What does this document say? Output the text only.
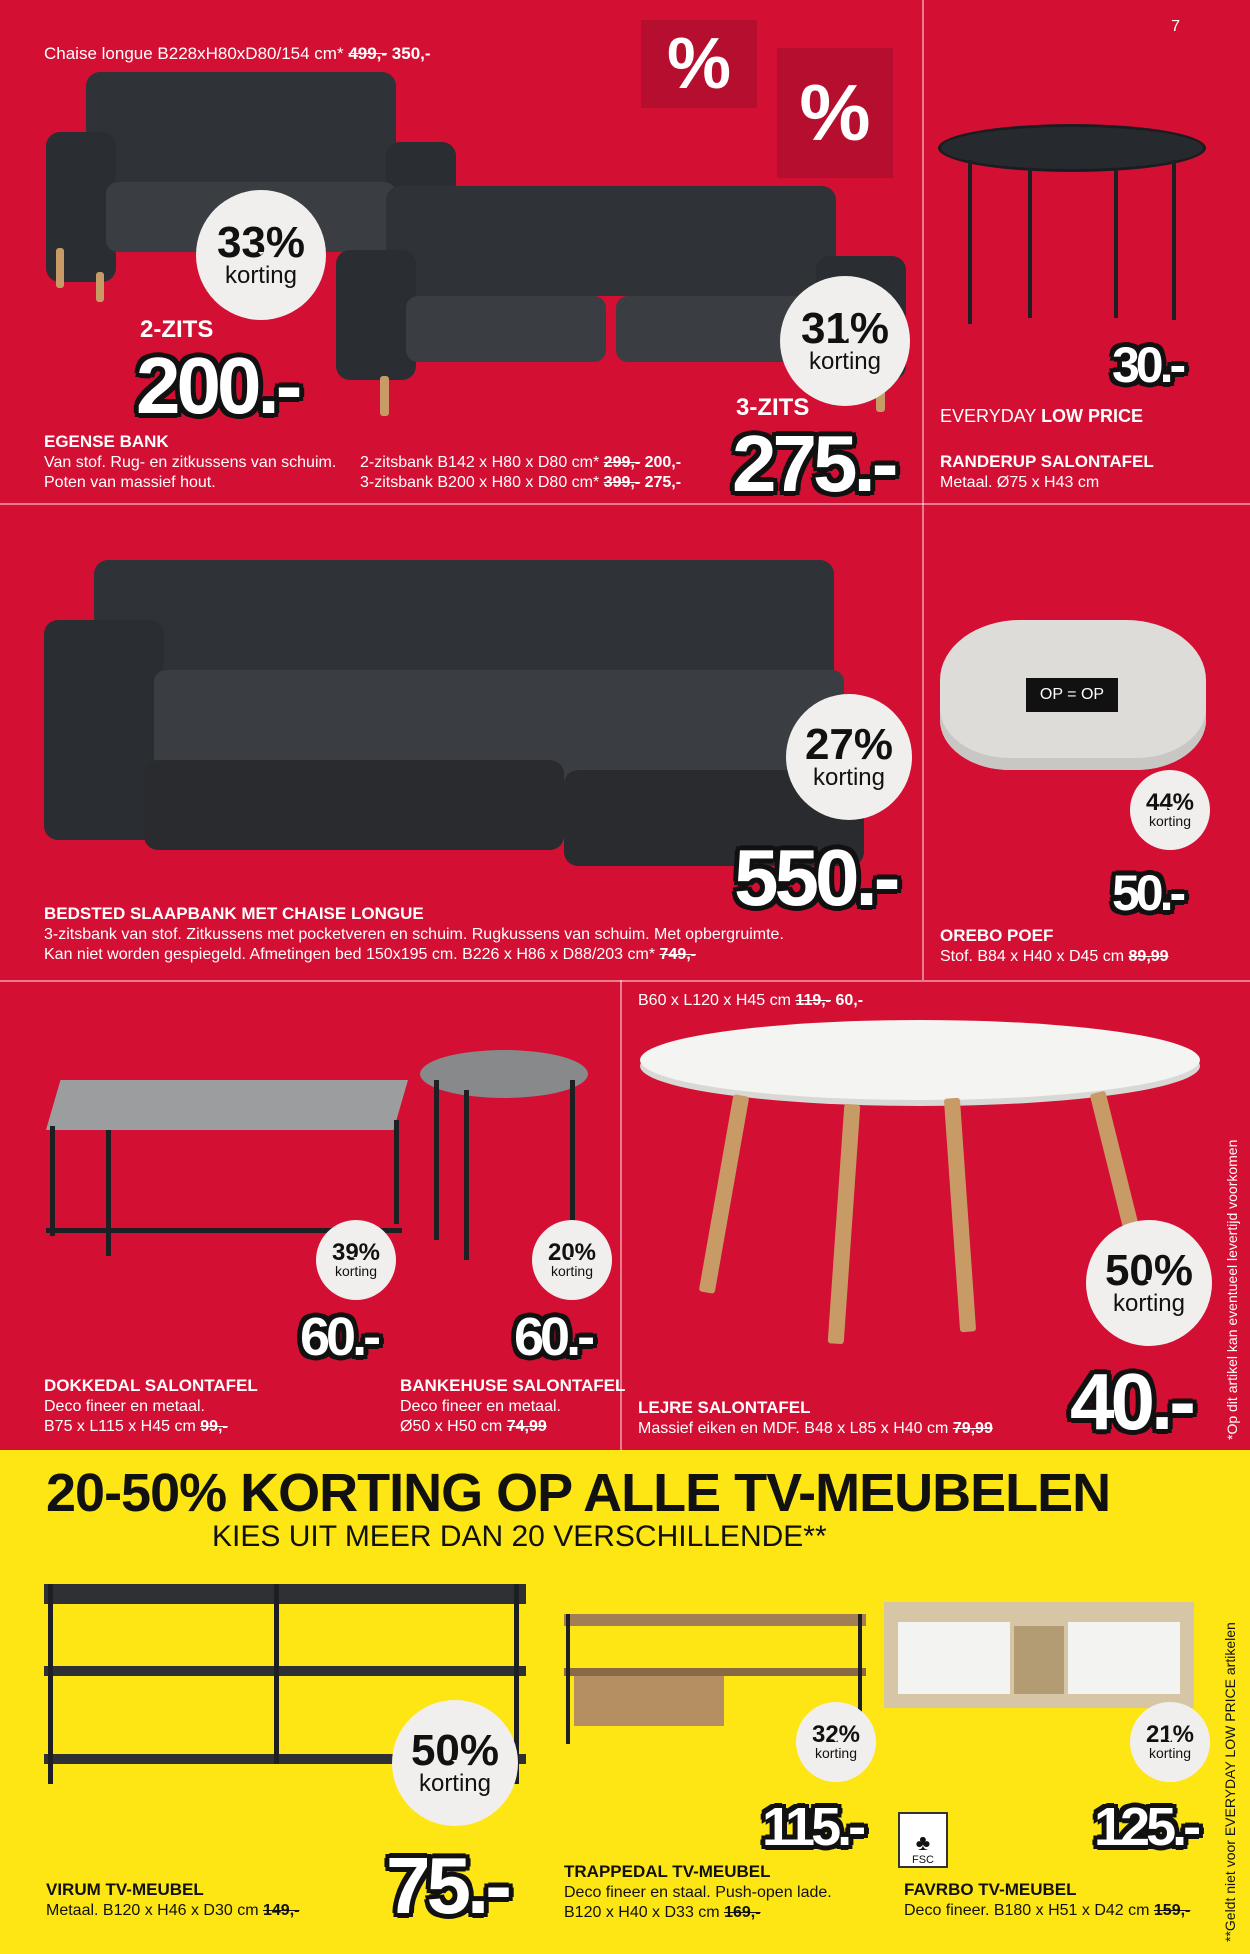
7
%
%
Chaise longue B228xH80xD80/154 cm* 499,- 350,-
33%
korting
31%
korting
2-ZITS
200.-	3-ZITS
275.-
EGENSE BANK
Van stof. Rug- en zitkussens van schuim.
Poten van massief hout.
2-zitsbank B142 x H80 x D80 cm* 299,- 200,-
3-zitsbank B200 x H80 x D80 cm* 399,- 275,-
30.-
EVERYDAY LOW PRICE
RANDERUP SALONTAFEL
Metaal. Ø75 x H43 cm
27%
korting
550.-
BEDSTED SLAAPBANK MET CHAISE LONGUE
3-zitsbank van stof. Zitkussens met pocketveren en schuim. Rugkussens van schuim. Met opbergruimte.
Kan niet worden gespiegeld. Afmetingen bed 150x195 cm. B226 x H86 x D88/203 cm* 749,-
OP = OP
44%
korting
50.-
OREBO POEF
Stof. B84 x H40 x D45 cm 89,99
39%
korting
20%
korting
60.-	60.-
DOKKEDAL SALONTAFEL
Deco fineer en metaal.
B75 x L115 x H45 cm 99,-
BANKEHUSE SALONTAFEL
Deco fineer en metaal.
Ø50 x H50 cm 74,99
B60 x L120 x H45 cm 119,- 60,-
50%
korting
40.-
LEJRE SALONTAFEL
Massief eiken en MDF. B48 x L85 x H40 cm 79,99	*Op dit artikel kan eventueel levertijd voorkomen
20-50% KORTING OP ALLE TV-MEUBELEN
KIES UIT MEER DAN 20 VERSCHILLENDE**
**Geldt niet voor EVERYDAY LOW PRICE artikelen
50%
korting
75.-
VIRUM TV-MEUBEL
Metaal. B120 x H46 x D30 cm 149,-
32%
korting
115.-
TRAPPEDAL TV-MEUBEL
Deco fineer en staal. Push-open lade.
B120 x H40 x D33 cm 169,-
21%
korting
125.-
♣
FSC
FAVRBO TV-MEUBEL
Deco fineer. B180 x H51 x D42 cm 159,-
